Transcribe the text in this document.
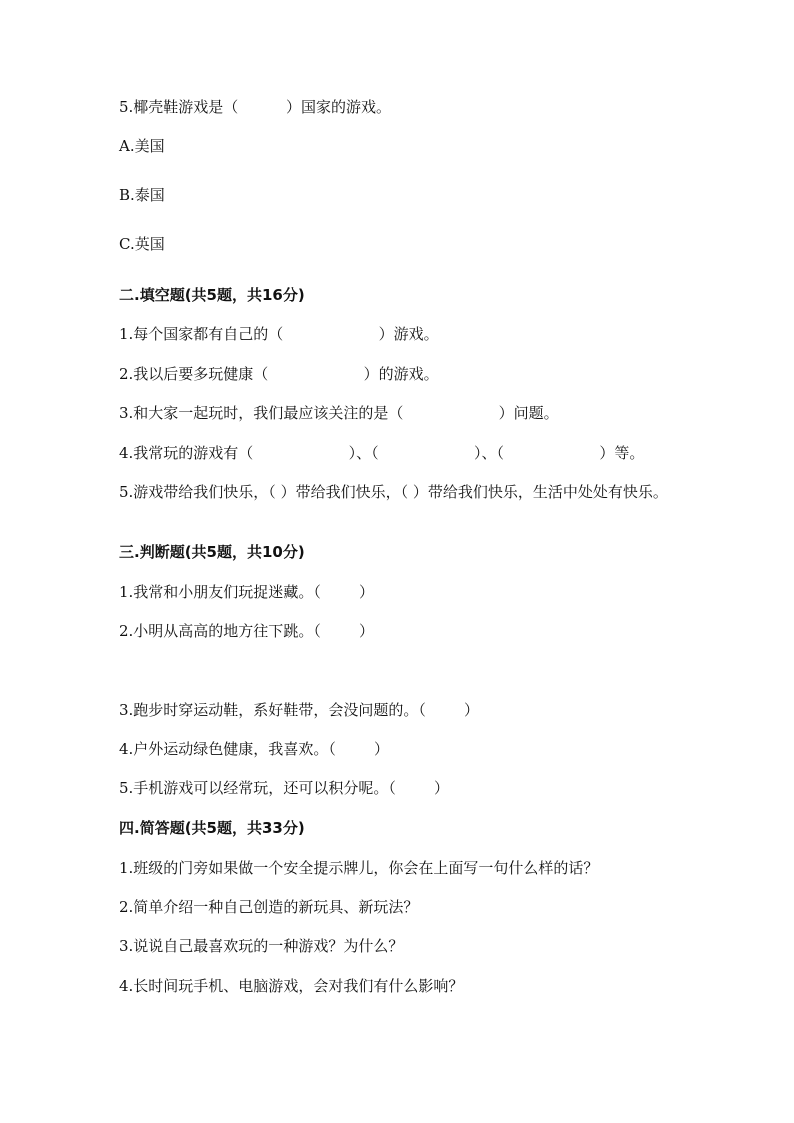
5.椰壳鞋游戏是（          ）国家的游戏。
A.美国
B.泰国
C.英国
二.填空题(共5题，共16分)
1.每个国家都有自己的（                    ）游戏。
2.我以后要多玩健康（                    ）的游戏。
3.和大家一起玩时，我们最应该关注的是（                    ）问题。
4.我常玩的游戏有（                    ）、（                    ）、（                    ）等。
5.游戏带给我们快乐，（ ）带给我们快乐，（ ）带给我们快乐，生活中处处有快乐。
三.判断题(共5题，共10分)
1.我常和小朋友们玩捉迷藏。（        ）
2.小明从高高的地方往下跳。（        ）
3.跑步时穿运动鞋，系好鞋带，会没问题的。（        ）
4.户外运动绿色健康，我喜欢。（        ）
5.手机游戏可以经常玩，还可以积分呢。（        ）
四.简答题(共5题，共33分)
1.班级的门旁如果做一个安全提示牌儿，你会在上面写一句什么样的话？
2.简单介绍一种自己创造的新玩具、新玩法？
3.说说自己最喜欢玩的一种游戏？为什么？
4.长时间玩手机、电脑游戏，会对我们有什么影响？
